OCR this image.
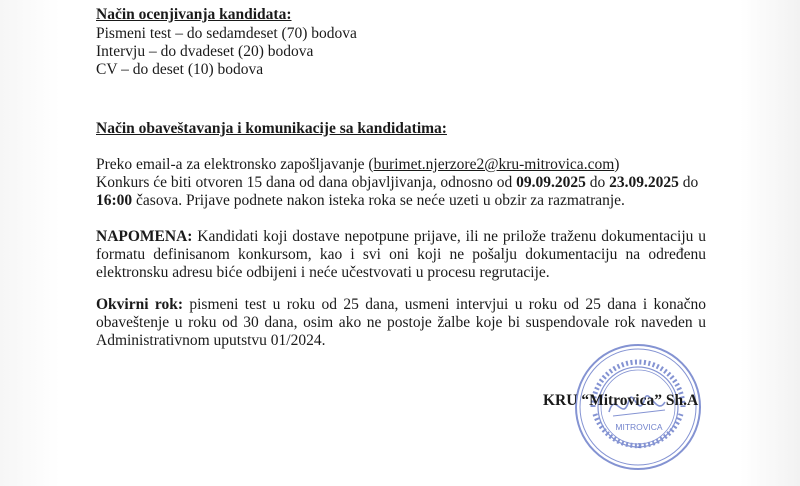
Način ocenjivanja kandidata:
Pismeni test – do sedamdeset (70) bodova
Intervju – do dvadeset (20) bodova
CV – do deset (10) bodova
Način obaveštavanja i komunikacije sa kandidatima:
Preko email-a za elektronsko zapošljavanje (burimet.njerzore2@kru-mitrovica.com)
Konkurs će biti otvoren 15 dana od dana objavljivanja, odnosno od 09.09.2025 do 23.09.2025 do
16:00 časova. Prijave podnete nakon isteka roka se neće uzeti u obzir za razmatranje.
NAPOMENA: Kandidati koji dostave nepotpune prijave, ili ne prilože traženu dokumentaciju u formatu definisanom konkursom, kao i svi oni koji ne pošalju dokumentaciju na određenu elektronsku adresu biće odbijeni i neće učestvovati u procesu regrutacije.
Okvirni rok: pismeni test u roku od 25 dana, usmeni intervjui u roku od 25 dana i konačno obaveštenje u roku od 30 dana, osim ako ne postoje žalbe koje bi suspendovale rok naveden u Administrativnom uputstvu 01/2024.
MITROVICA
1
KRU “Mitrovica” Sh.A
